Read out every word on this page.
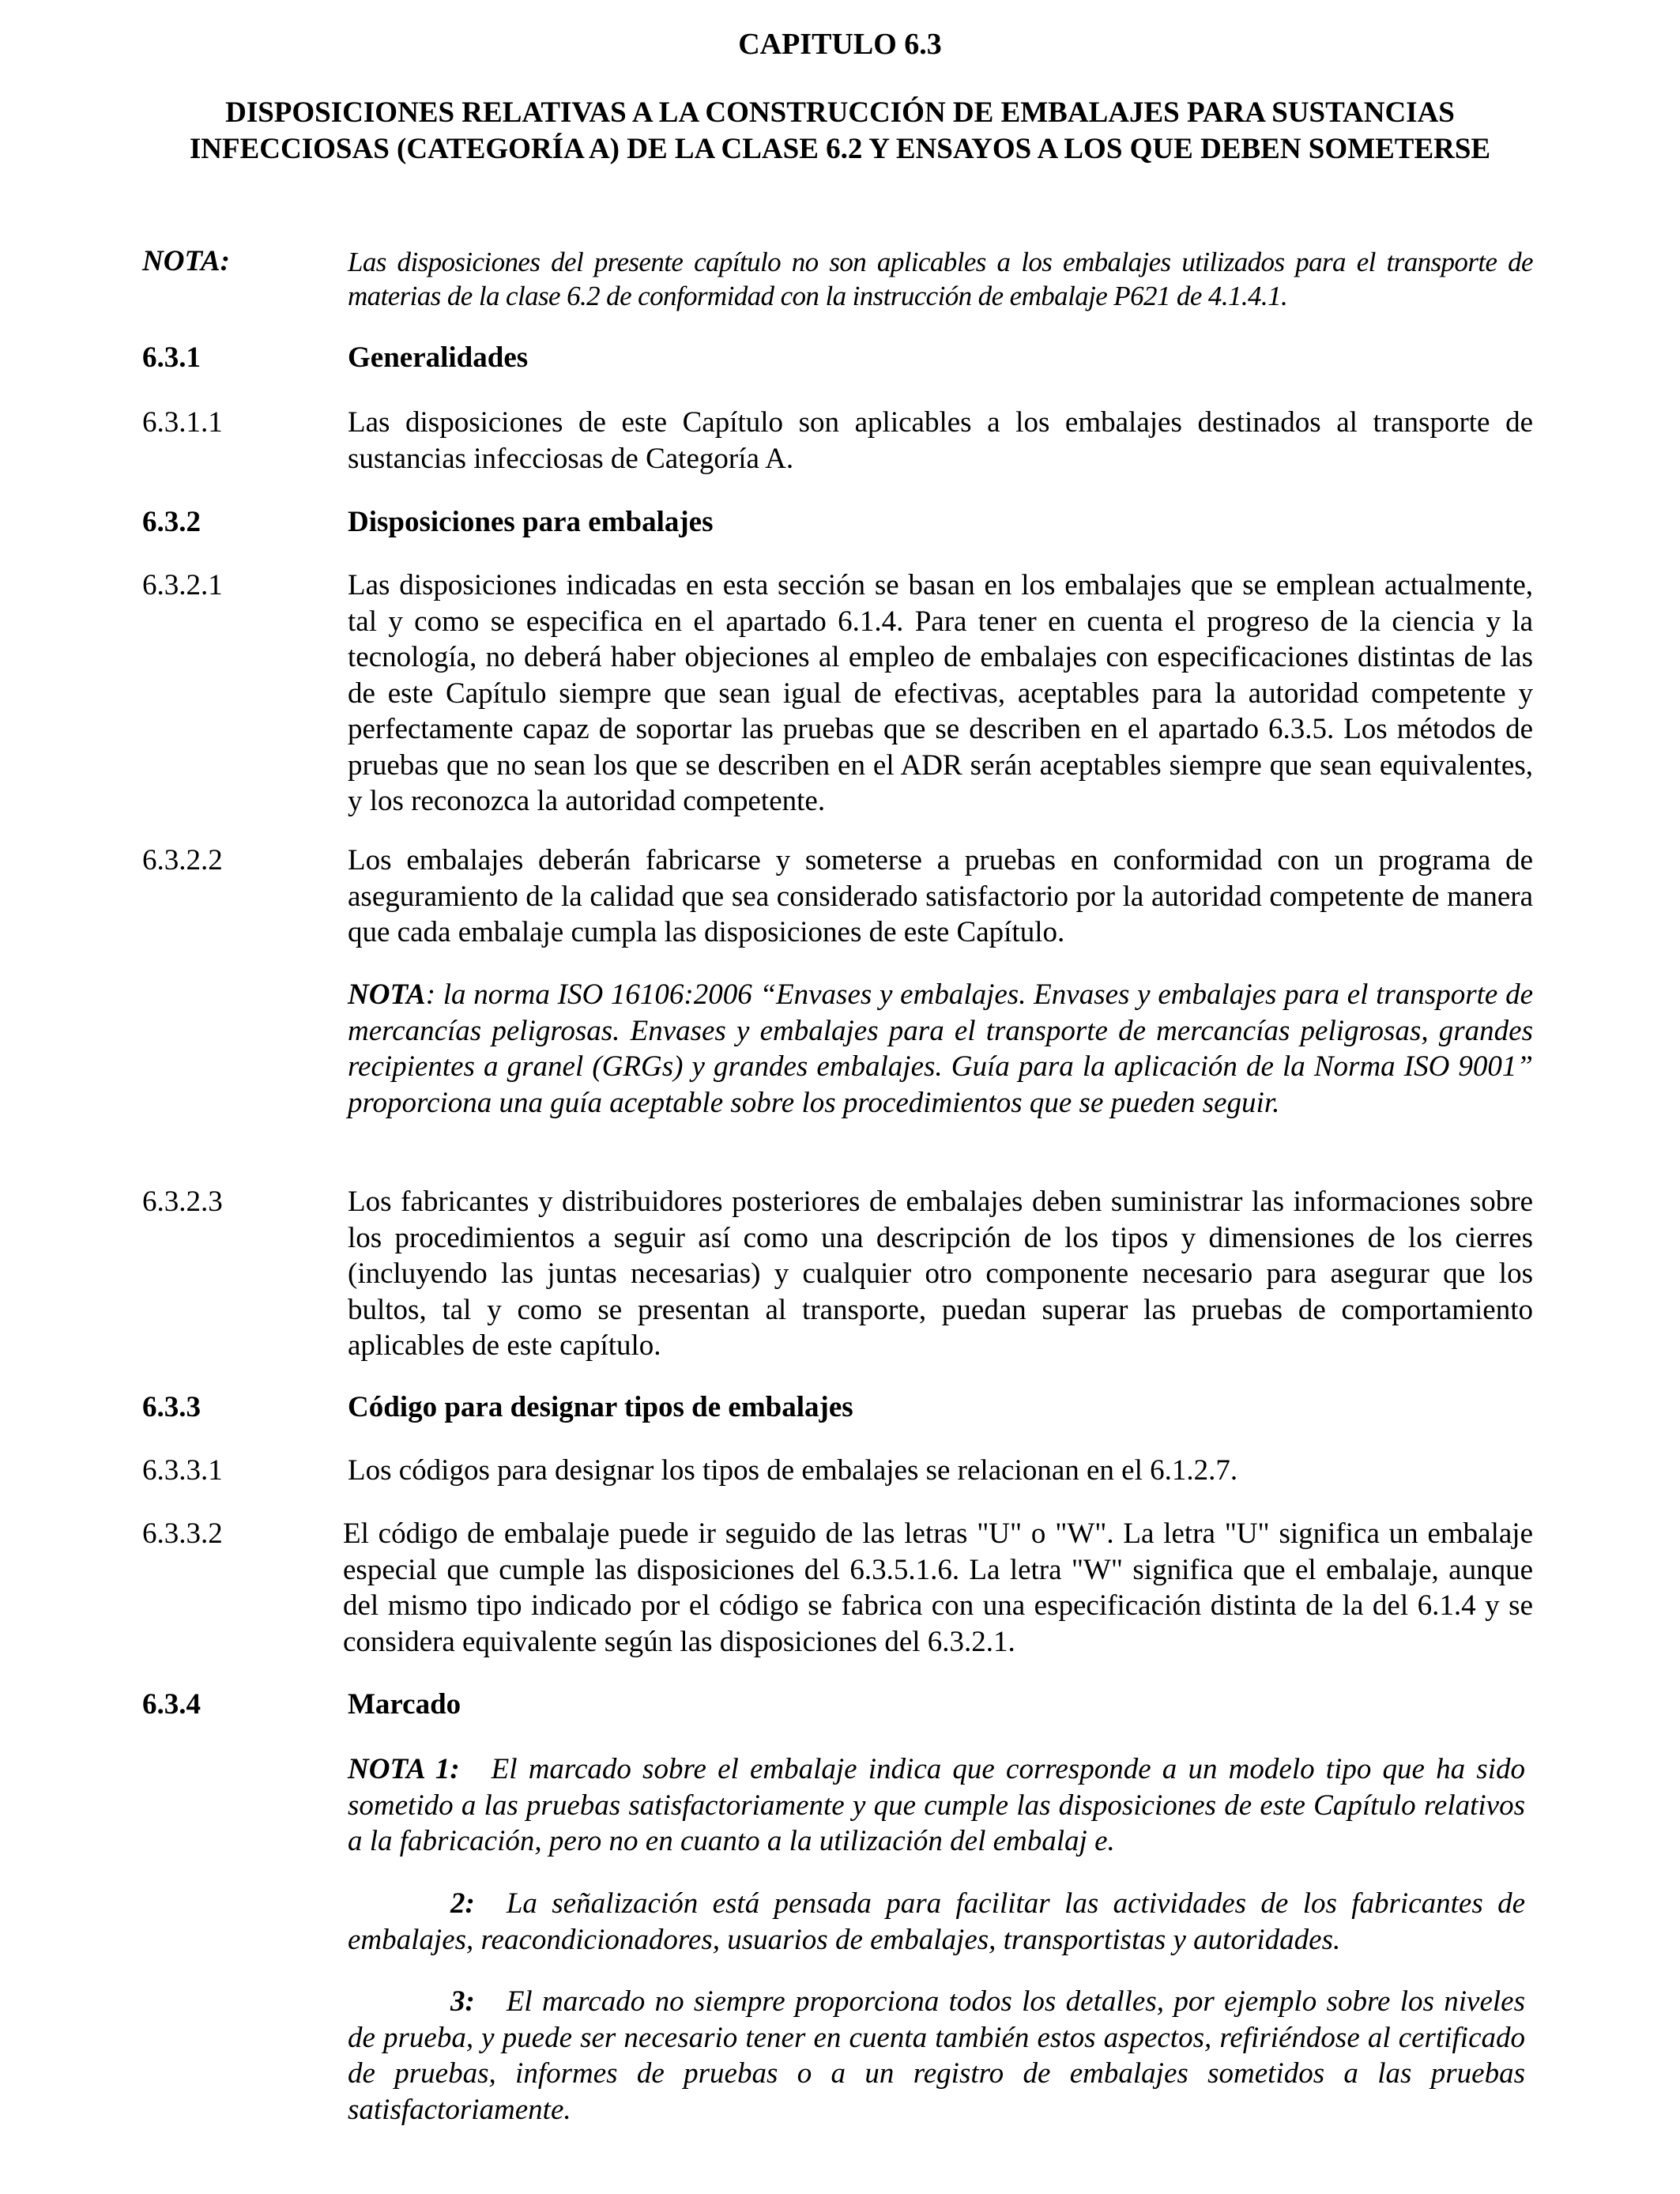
CAPITULO 6.3
DISPOSICIONES RELATIVAS A LA CONSTRUCCIÓN DE EMBALAJES PARA SUSTANCIAS INFECCIOSAS (CATEGORÍA A) DE LA CLASE 6.2 Y ENSAYOS A LOS QUE DEBEN SOMETERSE
NOTA:	Las disposiciones del presente capítulo no son aplicables a los embalajes utilizados para el transporte de materias de la clase 6.2 de conformidad con la instrucción de embalaje P621 de 4.1.4.1.

6.3.1	Generalidades
6.3.1.1	Las disposiciones de este Capítulo son aplicables a los embalajes destinados al transporte de sustancias infecciosas de Categoría A.

6.3.2	Disposiciones para embalajes
6.3.2.1	Las disposiciones indicadas en esta sección se basan en los embalajes que se emplean actualmente, tal y como se especifica en el apartado 6.1.4. Para tener en cuenta el progreso de la ciencia y la tecnología, no deberá haber objeciones al empleo de embalajes con especificaciones distintas de las de este Capítulo siempre que sean igual de efectivas, aceptables para la autoridad competente y perfectamente capaz de soportar las pruebas que se describen en el apartado 6.3.5. Los métodos de pruebas que no sean los que se describen en el ADR serán aceptables siempre que sean equivalentes, y los reconozca la autoridad competente.

6.3.2.2	Los embalajes deberán fabricarse y someterse a pruebas en conformidad con un programa de aseguramiento de la calidad que sea considerado satisfactorio por la autoridad competente de manera que cada embalaje cumpla las disposiciones de este Capítulo.

NOTA: la norma ISO 16106:2006 “Envases y embalajes. Envases y embalajes para el transporte de mercancías peligrosas. Envases y embalajes para el transporte de mercancías peligrosas, grandes recipientes a granel (GRGs) y grandes embalajes. Guía para la aplicación de la Norma ISO 9001” proporciona una guía aceptable sobre los procedimientos que se pueden seguir.

6.3.2.3	Los fabricantes y distribuidores posteriores de embalajes deben suministrar las informaciones sobre los procedimientos a seguir así como una descripción de los tipos y dimensiones de los cierres (incluyendo las juntas necesarias) y cualquier otro componente necesario para asegurar que los bultos, tal y como se presentan al transporte, puedan superar las pruebas de comportamiento aplicables de este capítulo.

6.3.3	Código para designar tipos de embalajes
6.3.3.1	Los códigos para designar los tipos de embalajes se relacionan en el 6.1.2.7.

6.3.3.2	El código de embalaje puede ir seguido de las letras "U" o "W". La letra "U" significa un embalaje especial que cumple las disposiciones del 6.3.5.1.6. La letra "W" significa que el embalaje, aunque del mismo tipo indicado por el código se fabrica con una especificación distinta de la del 6.1.4 y se considera equivalente según las disposiciones del 6.3.2.1.

6.3.4	Marcado

NOTA 1: El marcado sobre el embalaje indica que corresponde a un modelo tipo que ha sido sometido a las pruebas satisfactoriamente y que cumple las disposiciones de este Capítulo relativos a la fabricación, pero no en cuanto a la utilización del embalaj e.

2: La señalización está pensada para facilitar las actividades de los fabricantes de embalajes, reacondicionadores, usuarios de embalajes, transportistas y autoridades.

3: El marcado no siempre proporciona todos los detalles, por ejemplo sobre los niveles de prueba, y puede ser necesario tener en cuenta también estos aspectos, refiriéndose al certificado de pruebas, informes de pruebas o a un registro de embalajes sometidos a las pruebas satisfactoriamente.
